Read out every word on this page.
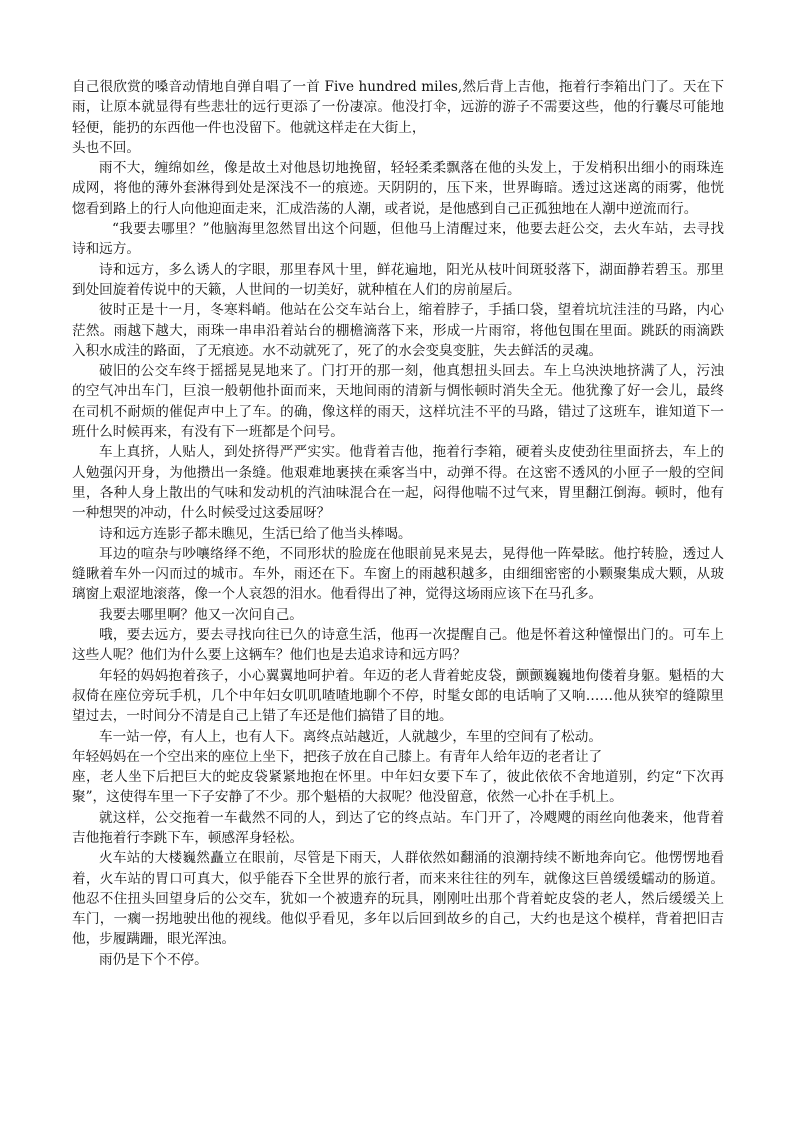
自己很欣赏的嗓音动情地自弹自唱了一首 Five hundred miles,然后背上吉他，拖着行李箱出门了。天在下雨，让原本就显得有些悲壮的远行更添了一份凄凉。他没打伞，远游的游子不需要这些，他的行囊尽可能地轻便，能扔的东西他一件也没留下。他就这样走在大街上，

头也不回。

雨不大，缠绵如丝，像是故土对他恳切地挽留，轻轻柔柔飘落在他的头发上，于发梢积出细小的雨珠连成网，将他的薄外套淋得到处是深浅不一的痕迹。天阴阴的，压下来，世界晦暗。透过这迷离的雨雾，他恍惚看到路上的行人向他迎面走来，汇成浩荡的人潮，或者说，是他感到自己正孤独地在人潮中逆流而行。

“我要去哪里？”他脑海里忽然冒出这个问题，但他马上清醒过来，他要去赶公交，去火车站，去寻找诗和远方。

诗和远方，多么诱人的字眼，那里春风十里，鲜花遍地，阳光从枝叶间斑驳落下，湖面静若碧玉。那里到处回旋着传说中的天籁，人世间的一切美好，就种植在人们的房前屋后。

彼时正是十一月，冬寒料峭。他站在公交车站台上，缩着脖子，手插口袋，望着坑坑洼洼的马路，内心茫然。雨越下越大，雨珠一串串沿着站台的棚檐滴落下来，形成一片雨帘，将他包围在里面。跳跃的雨滴跌入积水成洼的路面，了无痕迹。水不动就死了，死了的水会变臭变脏，失去鲜活的灵魂。

破旧的公交车终于摇摇晃晃地来了。门打开的那一刻，他真想扭头回去。车上乌泱泱地挤满了人，污浊的空气冲出车门，巨浪一般朝他扑面而来，天地间雨的清新与惆怅顿时消失全无。他犹豫了好一会儿，最终在司机不耐烦的催促声中上了车。的确，像这样的雨天，这样坑洼不平的马路，错过了这班车，谁知道下一班什么时候再来，有没有下一班都是个问号。

车上真挤，人贴人，到处挤得严严实实。他背着吉他，拖着行李箱，硬着头皮使劲往里面挤去，车上的人勉强闪开身，为他攒出一条缝。他艰难地裹挟在乘客当中，动弹不得。在这密不透风的小匣子一般的空间里，各种人身上散出的气味和发动机的汽油味混合在一起，闷得他喘不过气来，胃里翻江倒海。顿时，他有一种想哭的冲动，什么时候受过这委屈呀？

诗和远方连影子都未瞧见，生活已给了他当头棒喝。

耳边的喧杂与吵嚷络绎不绝，不同形状的脸庞在他眼前晃来晃去，晃得他一阵晕眩。他拧转脸，透过人缝瞅着车外一闪而过的城市。车外，雨还在下。车窗上的雨越积越多，由细细密密的小颗聚集成大颗，从玻璃窗上艰涩地滚落，像一个人哀怨的泪水。他看得出了神，觉得这场雨应该下在马孔多。

我要去哪里啊？他又一次问自己。

哦，要去远方，要去寻找向往已久的诗意生活，他再一次提醒自己。他是怀着这种憧憬出门的。可车上这些人呢？他们为什么要上这辆车？他们也是去追求诗和远方吗？

年轻的妈妈抱着孩子，小心翼翼地呵护着。年迈的老人背着蛇皮袋，颤颤巍巍地佝偻着身躯。魁梧的大叔倚在座位旁玩手机，几个中年妇女叽叽喳喳地聊个不停，时髦女郎的电话响了又响……他从狭窄的缝隙里望过去，一时间分不清是自己上错了车还是他们搞错了目的地。

车一站一停，有人上，也有人下。离终点站越近，人就越少，车里的空间有了松动。

年轻妈妈在一个空出来的座位上坐下，把孩子放在自己膝上。有青年人给年迈的老者让了

座，老人坐下后把巨大的蛇皮袋紧紧地抱在怀里。中年妇女要下车了，彼此依依不舍地道别，约定“下次再聚”，这使得车里一下子安静了不少。那个魁梧的大叔呢？他没留意，依然一心扑在手机上。

就这样，公交拖着一车截然不同的人，到达了它的终点站。车门开了，冷飕飕的雨丝向他袭来，他背着吉他拖着行李跳下车，顿感浑身轻松。

火车站的大楼巍然矗立在眼前，尽管是下雨天，人群依然如翻涌的浪潮持续不断地奔向它。他愣愣地看着，火车站的胃口可真大，似乎能吞下全世界的旅行者，而来来往往的列车，就像这巨兽缓缓蠕动的肠道。他忍不住扭头回望身后的公交车，犹如一个被遗弃的玩具，刚刚吐出那个背着蛇皮袋的老人，然后缓缓关上车门，一瘸一拐地驶出他的视线。他似乎看见，多年以后回到故乡的自己，大约也是这个模样，背着把旧吉他，步履蹒跚，眼光浑浊。

雨仍是下个不停。
